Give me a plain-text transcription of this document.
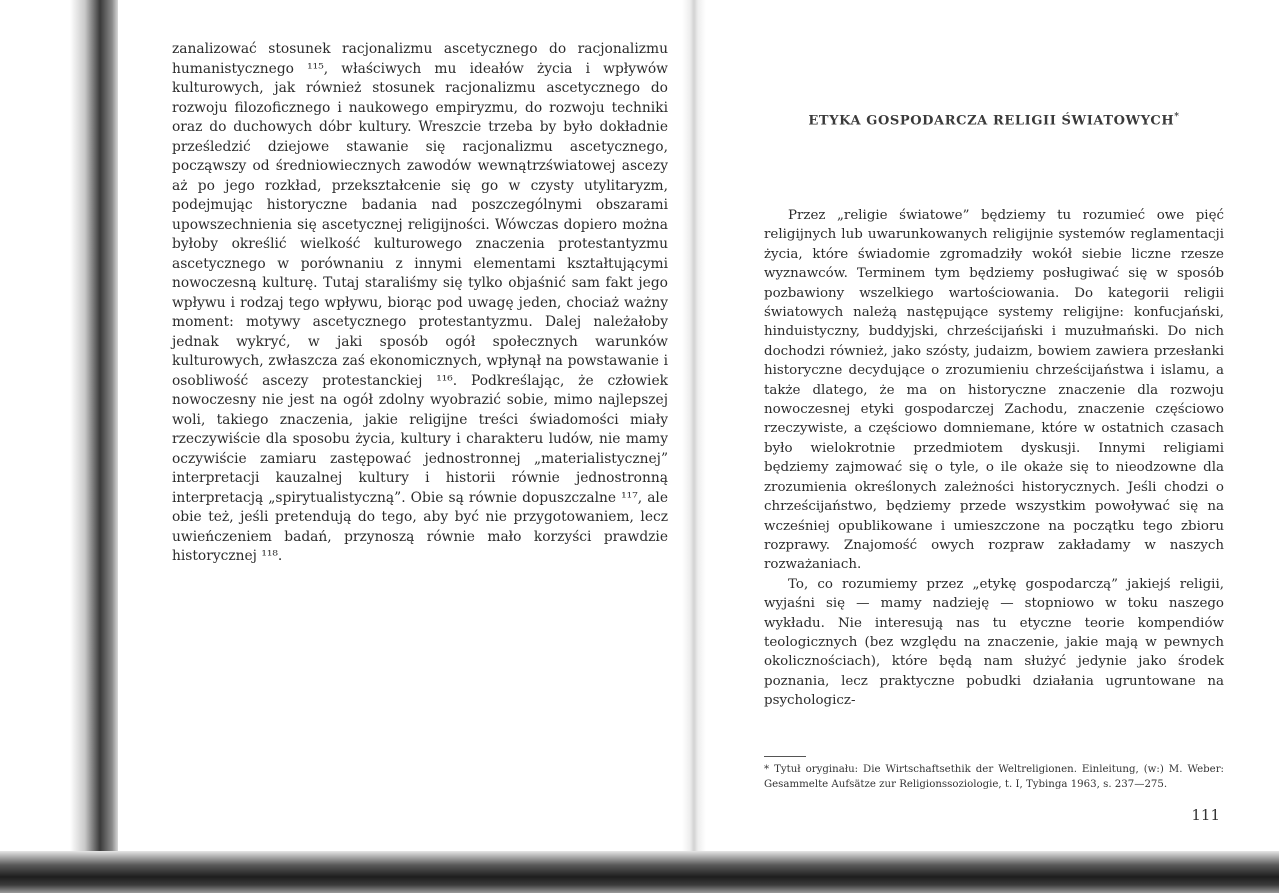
zanalizować stosunek racjonalizmu ascetycznego do racjonalizmu humanistycznego ¹¹⁵, właściwych mu ideałów życia i wpływów kulturowych, jak również stosunek racjonalizmu ascetycznego do rozwoju filozoficznego i naukowego empiryzmu, do rozwoju techniki oraz do duchowych dóbr kultury. Wreszcie trzeba by było dokładnie prześledzić dziejowe stawanie się racjonalizmu ascetycznego, począwszy od średniowiecznych zawodów wewnątrzświatowej ascezy aż po jego rozkład, przekształcenie się go w czysty utylitaryzm, podejmując historyczne badania nad poszczególnymi obszarami upowszechnienia się ascetycznej religijności. Wówczas dopiero można byłoby określić wielkość kulturowego znaczenia protestantyzmu ascetycznego w porównaniu z innymi elementami kształtującymi nowoczesną kulturę. Tutaj staraliśmy się tylko objaśnić sam fakt jego wpływu i rodzaj tego wpływu, biorąc pod uwagę jeden, chociaż ważny moment: motywy ascetycznego protestantyzmu. Dalej należałoby jednak wykryć, w jaki sposób ogół społecznych warunków kulturowych, zwłaszcza zaś ekonomicznych, wpłynął na powstawanie i osobliwość ascezy protestanckiej ¹¹⁶. Podkreślając, że człowiek nowoczesny nie jest na ogół zdolny wyobrazić sobie, mimo najlepszej woli, takiego znaczenia, jakie religijne treści świadomości miały rzeczywiście dla sposobu życia, kultury i charakteru ludów, nie mamy oczywiście zamiaru zastępować jednostronnej „materialistycznej” interpretacji kauzalnej kultury i historii równie jednostronną interpretacją „spirytualistyczną”. Obie są równie dopuszczalne ¹¹⁷, ale obie też, jeśli pretendują do tego, aby być nie przygotowaniem, lecz uwieńczeniem badań, przynoszą równie mało korzyści prawdzie historycznej ¹¹⁸.

ETYKA GOSPODARCZA RELIGII ŚWIATOWYCH*

Przez „religie światowe” będziemy tu rozumieć owe pięć religijnych lub uwarunkowanych religijnie systemów reglamentacji życia, które świadomie zgromadziły wokół siebie liczne rzesze wyznawców. Terminem tym będziemy posługiwać się w sposób pozbawiony wszelkiego wartościowania. Do kategorii religii światowych należą następujące systemy religijne: konfucjański, hinduistyczny, buddyjski, chrześcijański i muzułmański. Do nich dochodzi również, jako szósty, judaizm, bowiem zawiera przesłanki historyczne decydujące o zrozumieniu chrześcijaństwa i islamu, a także dlatego, że ma on historyczne znaczenie dla rozwoju nowoczesnej etyki gospodarczej Zachodu, znaczenie częściowo rzeczywiste, a częściowo domniemane, które w ostatnich czasach było wielokrotnie przedmiotem dyskusji. Innymi religiami będziemy zajmować się o tyle, o ile okaże się to nieodzowne dla zrozumienia określonych zależności historycznych. Jeśli chodzi o chrześcijaństwo, będziemy przede wszystkim powoływać się na wcześniej opublikowane i umieszczone na początku tego zbioru rozprawy. Znajomość owych rozpraw zakładamy w naszych rozważaniach.

To, co rozumiemy przez „etykę gospodarczą” jakiejś religii, wyjaśni się — mamy nadzieję — stopniowo w toku naszego wykładu. Nie interesują nas tu etyczne teorie kompendiów teologicznych (bez względu na znaczenie, jakie mają w pewnych okolicznościach), które będą nam służyć jedynie jako środek poznania, lecz praktyczne pobudki działania ugruntowane na psychologicz-

* Tytuł oryginału: Die Wirtschaftsethik der Weltreligionen. Einleitung, (w:) M. Weber: Gesammelte Aufsätze zur Religionssoziologie, t. I, Tybinga 1963, s. 237—275.
111
